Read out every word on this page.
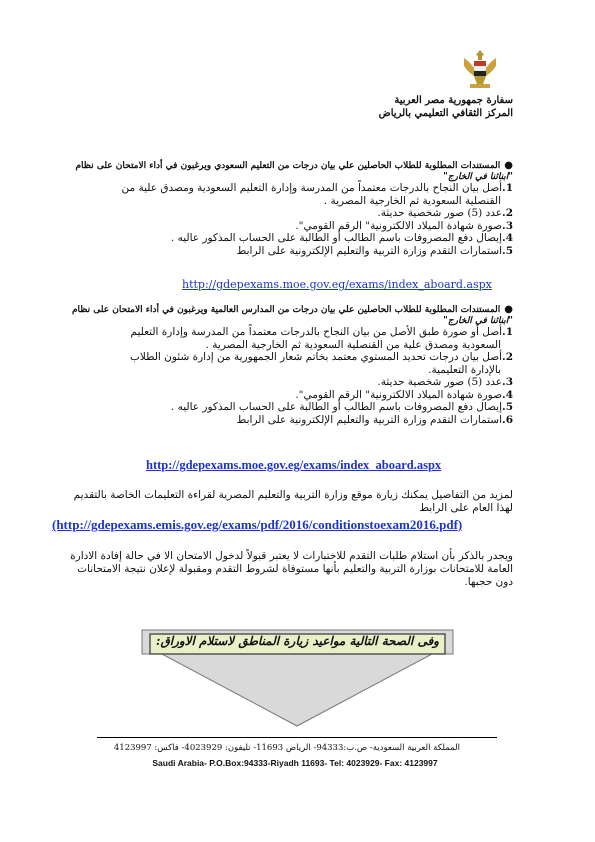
سفارة جمهورية مصر العربية
المركز الثقافي التعليمي بالرياض
●المستندات المطلوبة للطلاب الحاصلين علي بيان درجات من التعليم السعودي ويرغبون في أداء الامتحان على نظام
"ابنائنا في الخارج"
1.أصل بيان النجاح بالدرجات معتمداً من المدرسة وإدارة التعليم السعودية ومصدق علية من
القنصلية السعودية ثم الخارجية المصرية .
2.عدد (5) صور شخصية حديثة.
3.صورة شهادة الميلاد الالكترونية" الرقم القومي".
4.إيصال دفع المصروفات باسم الطالب أو الطالبة على الحساب المذكور عاليه .
5.استمارات التقدم وزارة التربية والتعليم الإلكترونية على الرابط
http://gdepexams.moe.gov.eg/exams/index_aboard.aspx
●المستندات المطلوبة للطلاب الحاصلين علي بيان درجات من المدارس العالمية ويرغبون في أداء الامتحان على نظام
"ابنائنا في الخارج"
1.أصل أو صورة طبق الأصل من بيان النجاح بالدرجات معتمداً من المدرسة وإدارة التعليم
السعودية ومصدق علية من القنصلية السعودية ثم الخارجية المصرية .
2.أصل بيان درجات تحديد المستوي معتمد بخاتم شعار الجمهورية من إدارة شئون الطلاب
بالإدارة التعليمية.
3.عدد (5) صور شخصية حديثة.
4.صورة شهادة الميلاد الالكترونية" الرقم القومي".
5.إيصال دفع المصروفات باسم الطالب أو الطالبة على الحساب المذكور عاليه .
6.استمارات التقدم وزارة التربية والتعليم الإلكترونية على الرابط
http://gdepexams.moe.gov.eg/exams/index_aboard.aspx
لمزيد من التفاصيل يمكنك زيارة موقع وزارة التربية والتعليم المصرية لقراءة التعليمات الخاصة بالتقديم لهذا العام على الرابط
(http://gdepexams.emis.gov.eg/exams/pdf/2016/conditionstoexam2016.pdf)
ويجدر بالذكر بأن استلام طلبات التقدم للاختبارات لا يعتبر قبولاً لدخول الامتحان الا في حالة إفادة الادارة العامة للامتحانات بوزارة التربية والتعليم بأنها مستوفاة لشروط التقدم ومقبولة لإعلان نتيجة الامتحانات دون حجبها.
وفى الصحة التالية مواعيد زيارة المناطق لاستلام الاوراق:
المملكة العربية السعودية- ص.ب:94333- الرياض 11693- تليفون: 4023929- فاكس: 4123997
Saudi Arabia- P.O.Box:94333-Riyadh 11693- Tel: 4023929- Fax: 4123997
